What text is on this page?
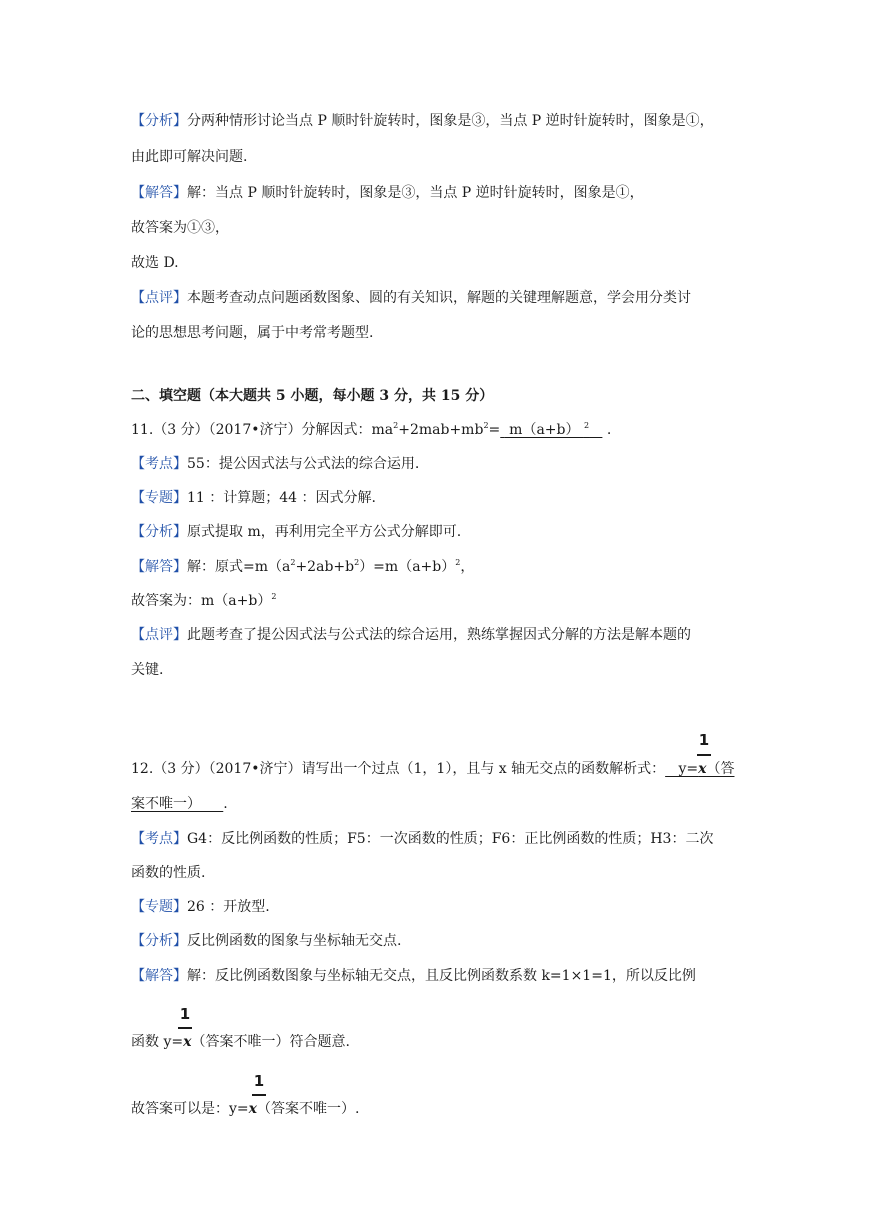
【分析】分两种情形讨论当点 P 顺时针旋转时，图象是③，当点 P 逆时针旋转时，图象是①，
由此即可解决问题.
【解答】解：当点 P 顺时针旋转时，图象是③，当点 P 逆时针旋转时，图象是①，
故答案为①③，
故选 D.
【点评】本题考查动点问题函数图象、圆的有关知识，解题的关键理解题意，学会用分类讨
论的思想思考问题，属于中考常考题型.
二、填空题（本大题共 5 小题，每小题 3 分，共 15 分）
11.（3 分）（2017•济宁）分解因式：$ma^2+2mab+mb^2= m(a+b)$ $^2$    .
【考点】55：提公因式法与公式法的综合运用.
【专题】11 ：计算题；44 ：因式分解.
【分析】原式提取 m，再利用完全平方公式分解即可.
【解答】解：原式$=m(a^2+2ab+b^2)=m(a+b)^2$，
故答案为：$m(a+b)^2$
【点评】此题考查了提公因式法与公式法的综合运用，熟练掌握因式分解的方法是解本题的
关键.
1
12.（3 分）（2017•济宁）请写出一个过点（1，1），且与 x 轴无交点的函数解析式： y=x（答
案不唯一） .
【考点】G4：反比例函数的性质；F5：一次函数的性质；F6：正比例函数的性质；H3：二次
函数的性质.
【专题】26 ：开放型.
【分析】反比例函数的图象与坐标轴无交点.
【解答】解：反比例函数图象与坐标轴无交点，且反比例函数系数 k=1×1=1，所以反比例
1
函数 y=x（答案不唯一）符合题意.
1
故答案可以是：y=x（答案不唯一）.
